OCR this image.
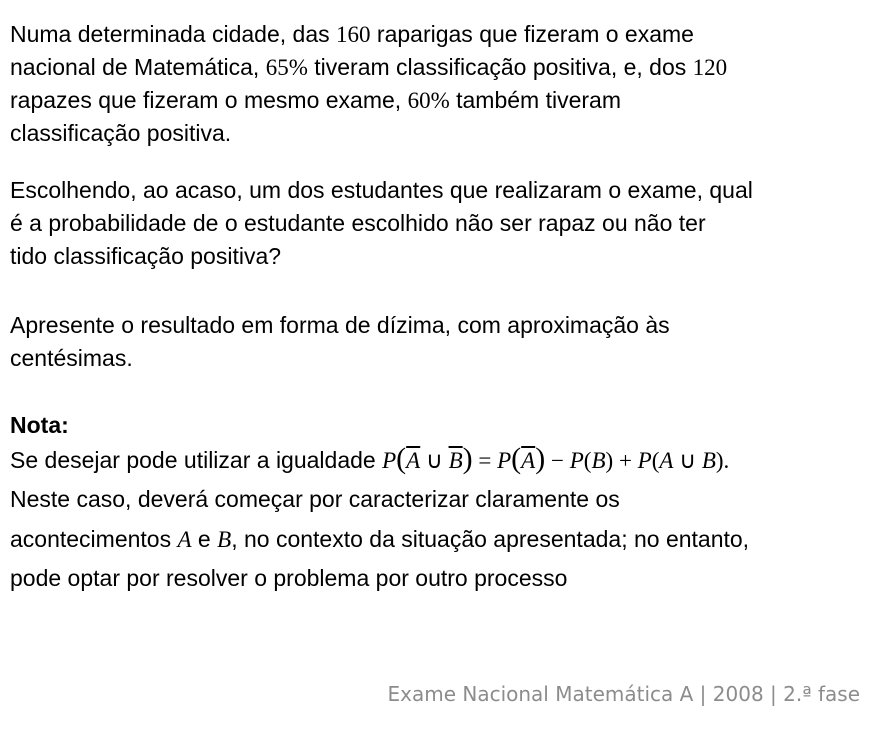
Numa determinada cidade, das 160 raparigas que fizeram o exame
nacional de Matemática, 65% tiveram classificação positiva, e, dos 120
rapazes que fizeram o mesmo exame, 60% também tiveram
classificação positiva.
Escolhendo, ao acaso, um dos estudantes que realizaram o exame, qual
é a probabilidade de o estudante escolhido não ser rapaz ou não ter
tido classificação positiva?
Apresente o resultado em forma de dízima, com aproximação às
centésimas.
Nota:
Se desejar pode utilizar a igualdade $P(\overline{A}$ ∪ $\overline{B}) = P(\overline{A}) - P(B) + P(A$ ∪ B).
Neste caso, deverá começar por caracterizar claramente os
acontecimentos A e B, no contexto da situação apresentada; no entanto,
pode optar por resolver o problema por outro processo
Exame Nacional Matemática A | 2008 | 2.ª fase
